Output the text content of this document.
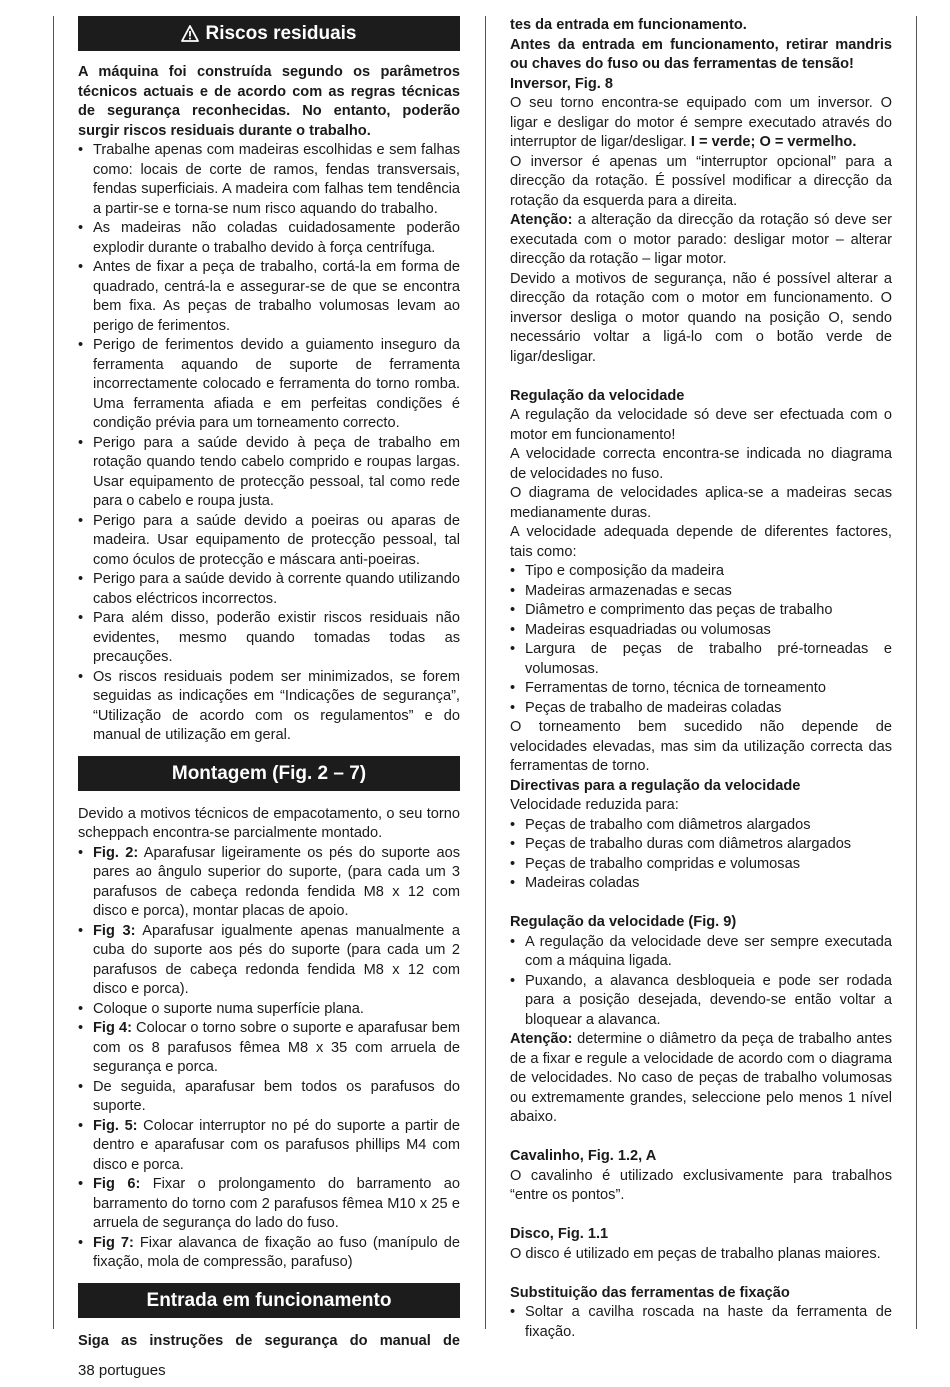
Riscos residuais

A máquina foi construída segundo os parâmetros técnicos actuais e de acordo com as regras técnicas de segurança reconhecidas. No entanto, poderão surgir riscos residuais durante o trabalho.

• Trabalhe apenas com madeiras escolhidas e sem falhas como: locais de corte de ramos, fendas transversais, fendas superficiais. A madeira com falhas tem tendência a partir-se e torna-se num risco aquando do trabalho.
• As madeiras não coladas cuidadosamente poderão explodir durante o trabalho devido à força centrífuga.
• Antes de fixar a peça de trabalho, cortá-la em forma de quadrado, centrá-la e assegurar-se de que se encontra bem fixa. As peças de trabalho volumosas levam ao perigo de ferimentos.
• Perigo de ferimentos devido a guiamento inseguro da ferramenta aquando de suporte de ferramenta incorrectamente colocado e ferramenta do torno romba. Uma ferramenta afiada e em perfeitas condições é condição prévia para um torneamento correcto.
• Perigo para a saúde devido à peça de trabalho em rotação quando tendo cabelo comprido e roupas largas. Usar equipamento de protecção pessoal, tal como rede para o cabelo e roupa justa.
• Perigo para a saúde devido a poeiras ou aparas de madeira. Usar equipamento de protecção pessoal, tal como óculos de protecção e máscara anti-poeiras.
• Perigo para a saúde devido à corrente quando utilizando cabos eléctricos incorrectos.
• Para além disso, poderão existir riscos residuais não evidentes, mesmo quando tomadas todas as precauções.
• Os riscos residuais podem ser minimizados, se forem seguidas as indicações em “Indicações de segurança”, “Utilização de acordo com os regulamentos” e do manual de utilização em geral.
Montagem (Fig. 2 – 7)

Devido a motivos técnicos de empacotamento, o seu torno scheppach encontra-se parcialmente montado.

• Fig. 2: Aparafusar ligeiramente os pés do suporte aos pares ao ângulo superior do suporte, (para cada um 3 parafusos de cabeça redonda fendida M8 x 12 com disco e porca), montar placas de apoio.
• Fig 3: Aparafusar igualmente apenas manualmente a cuba do suporte aos pés do suporte (para cada um 2 parafusos de cabeça redonda fendida M8 x 12 com disco e porca).
• Coloque o suporte numa superfície plana.
• Fig 4: Colocar o torno sobre o suporte e aparafusar bem com os 8 parafusos fêmea M8 x 35 com arruela de segurança e porca.
• De seguida, aparafusar bem todos os parafusos do suporte.
• Fig. 5: Colocar interruptor no pé do suporte a partir de dentro e aparafusar com os parafusos phillips M4 com disco e porca.
• Fig 6: Fixar o prolongamento do barramento ao barramento do torno com 2 parafusos fêmea M10 x 25 e arruela de segurança do lado do fuso.
• Fig 7: Fixar alavanca de fixação ao fuso (manípulo de fixação, mola de compressão, parafuso)
Entrada em funcionamento

Siga as instruções de segurança do manual de

tes da entrada em funcionamento.

Antes da entrada em funcionamento, retirar mandris ou chaves do fuso ou das ferramentas de tensão!

Inversor, Fig. 8

O seu torno encontra-se equipado com um inversor. O ligar e desligar do motor é sempre executado através do interruptor de ligar/desligar. I = verde; O = vermelho.

O inversor é apenas um “interruptor opcional” para a direcção da rotação. É possível modificar a direcção da rotação da esquerda para a direita.

Atenção: a alteração da direcção da rotação só deve ser executada com o motor parado: desligar motor – alterar direcção da rotação – ligar motor.

Devido a motivos de segurança, não é possível alterar a direcção da rotação com o motor em funcionamento. O inversor desliga o motor quando na posição O, sendo necessário voltar a ligá-lo com o botão verde de ligar/desligar.

Regulação da velocidade

A regulação da velocidade só deve ser efectuada com o motor em funcionamento!

A velocidade correcta encontra-se indicada no diagrama de velocidades no fuso.

O diagrama de velocidades aplica-se a madeiras secas medianamente duras.

A velocidade adequada depende de diferentes factores, tais como:

• Tipo e composição da madeira
• Madeiras armazenadas e secas
• Diâmetro e comprimento das peças de trabalho
• Madeiras esquadriadas ou volumosas
• Largura de peças de trabalho pré-torneadas e volumosas.
• Ferramentas de torno, técnica de torneamento
• Peças de trabalho de madeiras coladas

O torneamento bem sucedido não depende de velocidades elevadas, mas sim da utilização correcta das ferramentas de torno.

Directivas para a regulação da velocidade

Velocidade reduzida para:

• Peças de trabalho com diâmetros alargados
• Peças de trabalho duras com diâmetros alargados
• Peças de trabalho compridas e volumosas
• Madeiras coladas

Regulação da velocidade (Fig. 9)

• A regulação da velocidade deve ser sempre executada com a máquina ligada.
• Puxando, a alavanca desbloqueia e pode ser rodada para a posição desejada, devendo-se então voltar a bloquear a alavanca.

Atenção: determine o diâmetro da peça de trabalho antes de a fixar e regule a velocidade de acordo com o diagrama de velocidades. No caso de peças de trabalho volumosas ou extremamente grandes, seleccione pelo menos 1 nível abaixo.

Cavalinho, Fig. 1.2, A

O cavalinho é utilizado exclusivamente para trabalhos “entre os pontos”.

Disco, Fig. 1.1

O disco é utilizado em peças de trabalho planas maiores.

Substituição das ferramentas de fixação

• Soltar a cavilha roscada na haste da ferramenta de fixação.
38 portugues
